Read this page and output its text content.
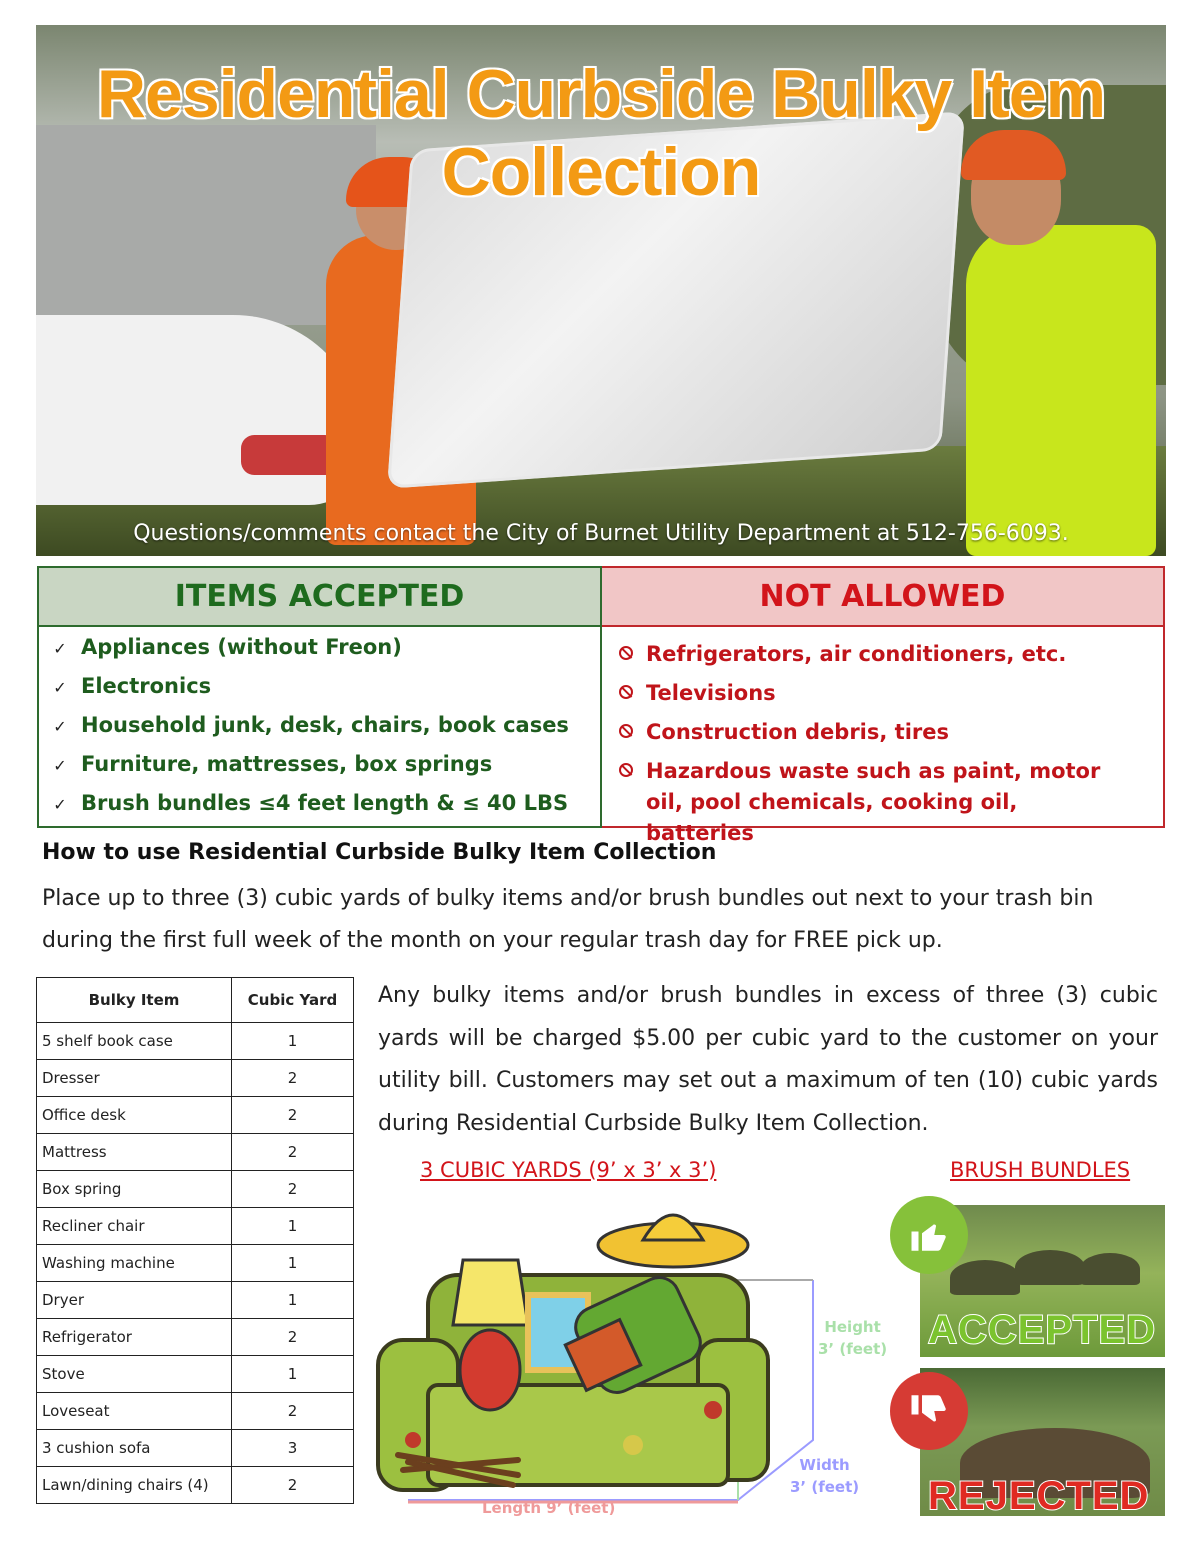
Residential Curbside Bulky Item Collection
Questions/comments contact the City of Burnet Utility Department at 512-756-6093.
ITEMS ACCEPTED
✓ Appliances (without Freon)
✓ Electronics
✓ Household junk, desk, chairs, book cases
✓ Furniture, mattresses, box springs
✓ Brush bundles ≤4 feet length & ≤ 40 LBS
NOT ALLOWED
Refrigerators, air conditioners, etc.
Televisions
Construction debris, tires
Hazardous waste such as paint, motor oil, pool chemicals, cooking oil, batteries
How to use Residential Curbside Bulky Item Collection

Place up to three (3) cubic yards of bulky items and/or brush bundles out next to your trash bin during the first full week of the month on your regular trash day for FREE pick up.

Bulky Item	Cubic Yard
5 shelf book case	1
Dresser	2
Office desk	2
Mattress	2
Box spring	2
Recliner chair	1
Washing machine	1
Dryer	1
Refrigerator	2
Stove	1
Loveseat	2
3 cushion sofa	3
Lawn/dining chairs (4)	2

Any bulky items and/or brush bundles in excess of three (3) cubic yards will be charged $5.00 per cubic yard to the customer on your utility bill. Customers may set out a maximum of ten (10) cubic yards during Residential Curbside Bulky Item Collection.

3 CUBIC YARDS (9’ x 3’ x 3’)	BRUSH BUNDLES
Height
3’ (feet)
Width
3’ (feet)
Length 9’ (feet)
ACCEPTED
REJECTED
